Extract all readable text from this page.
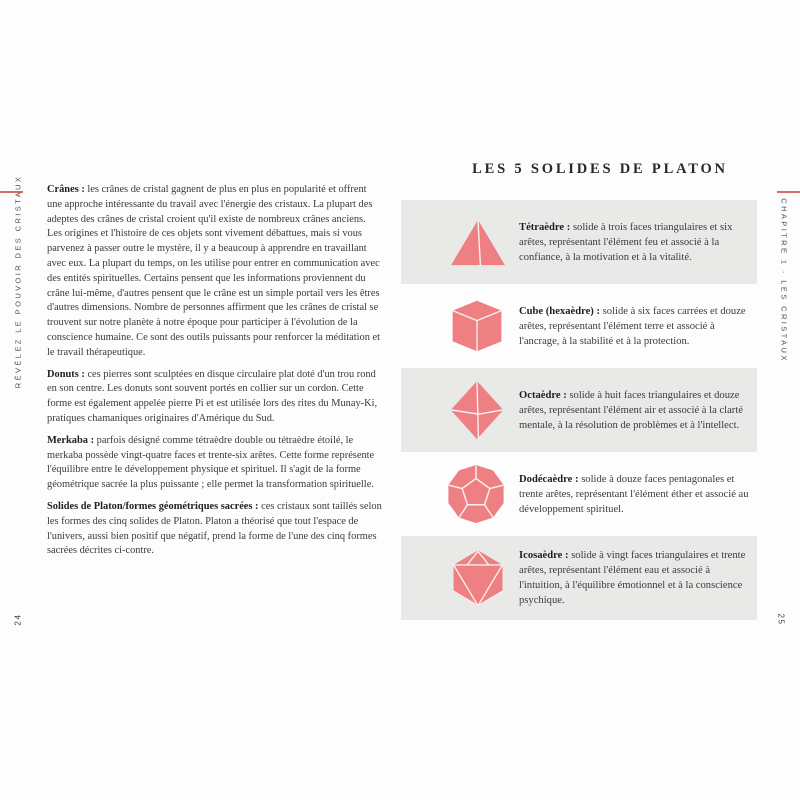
RÉVÉLEZ LE POUVOIR DES CRISTAUX	CHAPITRE 1 · LES CRISTAUX
24	25

Crânes : les crânes de cristal gagnent de plus en plus en popularité et offrent une approche intéressante du travail avec l'énergie des cristaux. La plupart des adeptes des crânes de cristal croient qu'il existe de nombreux crânes anciens. Les origines et l'histoire de ces objets sont vivement débattues, mais si vous parvenez à passer outre le mystère, il y a beaucoup à apprendre en travaillant avec eux. La plupart du temps, on les utilise pour entrer en communication avec des entités spirituelles. Certains pensent que les informations proviennent du crâne lui-même, d'autres pensent que le crâne est un simple portail vers les êtres d'autres dimensions. Nombre de personnes affirment que les crânes de cristal se trouvent sur notre planète à notre époque pour participer à l'évolution de la conscience humaine. Ce sont des outils puissants pour renforcer la méditation et le travail thérapeutique.

Donuts : ces pierres sont sculptées en disque circulaire plat doté d'un trou rond en son centre. Les donuts sont souvent portés en collier sur un cordon. Cette forme est également appelée pierre Pi et est utilisée lors des rites du Munay-Ki, pratiques chamaniques originaires d'Amérique du Sud.

Merkaba : parfois désigné comme tétraèdre double ou tétraèdre étoilé, le merkaba possède vingt-quatre faces et trente-six arêtes. Cette forme représente l'équilibre entre le développement physique et spirituel. Il s'agit de la forme géométrique sacrée la plus puissante ; elle permet la transformation spirituelle.

Solides de Platon/formes géométriques sacrées : ces cristaux sont taillés selon les formes des cinq solides de Platon. Platon a théorisé que tout l'espace de l'univers, aussi bien positif que négatif, prend la forme de l'une des cinq formes sacrées décrites ci-contre.

LES 5 SOLIDES DE PLATON

Tétraèdre : solide à trois faces triangulaires et six arêtes, représentant l'élément feu et associé à la confiance, à la motivation et à la vitalité.

Cube (hexaèdre) : solide à six faces carrées et douze arêtes, représentant l'élément terre et associé à l'ancrage, à la stabilité et à la protection.

Octaèdre : solide à huit faces triangulaires et douze arêtes, représentant l'élément air et associé à la clarté mentale, à la résolution de problèmes et à l'intellect.

Dodécaèdre : solide à douze faces pentagonales et trente arêtes, représentant l'élément éther et associé au développement spirituel.

Icosaèdre : solide à vingt faces triangulaires et trente arêtes, représentant l'élément eau et associé à l'intuition, à l'équilibre émotionnel et à la conscience psychique.
